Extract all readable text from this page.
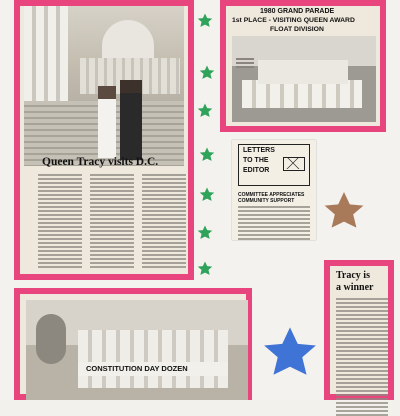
Queen Tracy visits D.C.
1980 GRAND PARADE
1st PLACE - VISITING QUEEN AWARD
FLOAT DIVISION
LETTERS
TO THE
EDITOR
COMMITTEE APPRECIATES
COMMUNITY SUPPORT
CONSTITUTION DAY DOZEN
Tracy is
a winner
